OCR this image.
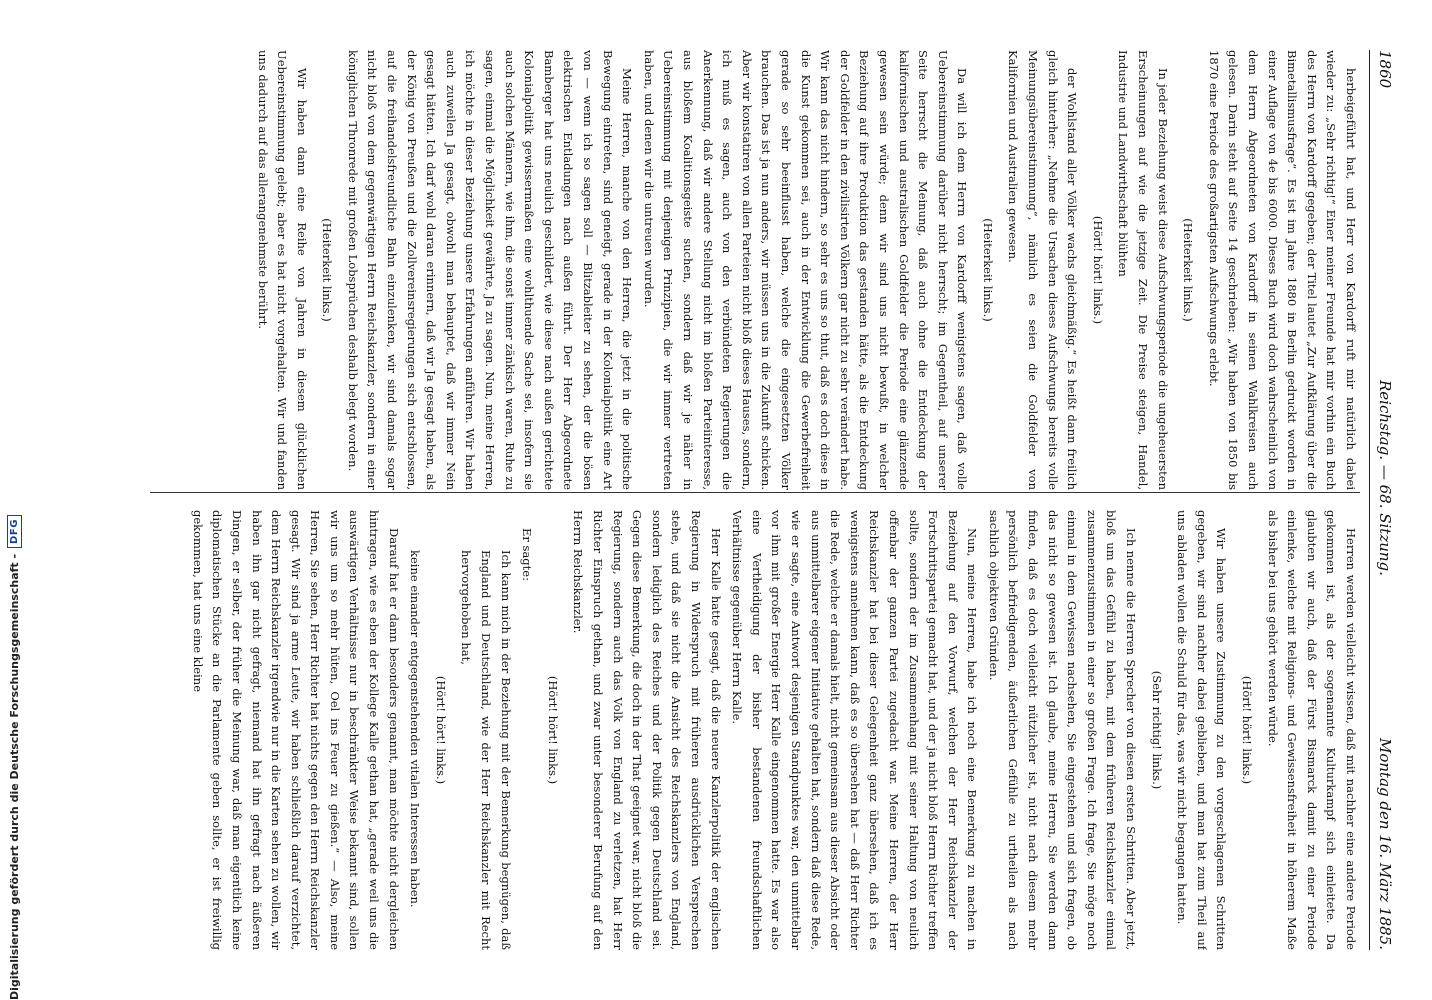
1860
Reichstag. — 68. Sitzung.
Montag den 16. März 1885.

herbeigeführt hat, und Herr von Kardorff ruft mir natürlich dabei wieder zu: „Sehr richtig!“ Einer meiner Freunde hat mir vorhin ein Buch des Herrn von Kardorff gegeben; der Titel lautet „Zur Aufklärung über die Bimetallismusfrage“. Es ist im Jahre 1880 in Berlin gedruckt worden in einer Auflage von 4e bis 6000. Dieses Buch wird doch wahrscheinlich von dem Herrn Abgeordneten von Kardorff in seinen Wahlkreisen auch gelesen. Darin steht auf Seite 14 geschrieben: „Wir haben von 1850 bis 1870 eine Periode des großartigsten Aufschwungs erlebt.

(Heiterkeit links.)

In jeder Beziehung weist diese Aufschwungsperiode die ungeheuersten Erscheinungen auf wie die jetzige Zeit. Die Preise steigen, Handel, Industrie und Landwirthschaft blühten

(Hört! hört! links.)

der Wohlstand aller Völker wachs gleichmäßig.“ Es heißt dann freilich gleich hinterher: „Nehme die Ursachen dieses Aufschwungs bereits volle Meinungsübereinstimmung“, nämlich es seien die Goldfelder von Kalifornien und Australien gewesen.

(Heiterkeit links.)

Da will ich dem Herrn von Kardorff wenigstens sagen, daß volle Uebereinstimmung darüber nicht herrscht; im Gegentheil, auf unserer Seite herrscht die Meinung, daß auch ohne die Entdeckung der kalifornischen und australischen Goldfelder die Periode eine glänzende gewesen sein würde; denn wir sind uns nicht bewußt, in welcher Beziehung auf ihre Produktion das gestanden hätte, als die Entdeckung der Goldfelder in den zivilisirten Völkern gar nicht zu sehr verändert habe. Wir kann das nicht hindern, so sehr es uns so thut, daß es doch diese in die Kunst gekommen sei, auch in der Entwicklung die Gewerbefreiheit gerade so sehr beeinflusst haben, welche die eingesetzten Völker brauchen. Das ist ja nun anders, wir müssen uns in die Zukunft schicken. Aber wir konstatiren von allen Parteien nicht bloß dieses Hauses, sondern, ich muß es sagen, auch von den verbündeten Regierungen die Anerkennung, daß wir andere Stellung nicht im bloßen Parteiinteresse, aus bloßem Koalitionsgeiste suchen, sondern daß wir je näher in Uebereinstimmung mit denjenigen Prinzipien, die wir immer vertreten haben, und denen wir die untreuen wurden.

Meine Herren, manche von den Herren, die jetzt in die politische Bewegung eintreten, sind geneigt, gerade in der Kolonialpolitik eine Art von — wenn ich so sagen soll — Blitzableiter zu sehen, der die bösen elektrischen Entladungen nach außen führt. Der Herr Abgeordnete Bamberger hat uns neulich geschildert, wie diese nach außen gerichtete Kolonialpolitik gewissermaßen eine wohlthuende Sache sei, insofern sie auch solchen Männern, wie ihm, die sonst immer zänkisch waren, Ruhe zu sagen, einmal die Möglichkeit gewährte, Ja zu sagen. Nun, meine Herren, ich möchte in dieser Beziehung unsere Erfahrungen anführen. Wir haben auch zuweilen Ja gesagt, obwohl man behauptet, daß wir immer Nein gesagt hätten. Ich darf wohl daran erinnern, daß wir Ja gesagt haben, als der König von Preußen und die Zollvereinsregierungen sich entschlossen, auf die freihandelsfreundliche Bahn einzulenken, wir sind damals sogar nicht bloß von dem gegenwärtigen Herrn Reichskanzler, sondern in einer königlichen Thronrede mit großen Lobsprüchen deshalb belegt worden.

(Heiterkeit links.)

Wir haben dann eine Reihe von Jahren in diesem glücklichen Uebereinstimmung gelebt; aber es hat nicht vorgehalten. Wir und fanden uns dadurch auf das allerangenehmste berührt.

Herren werden vielleicht wissen, daß mit nachher eine andere Periode gekommen ist, als der sogenannte Kulturkampf sich einleitete. Da glaubten wir auch, daß der Fürst Bismarck damit zu einer Periode einlenke, welche mit Religions- und Gewissensfreiheit in höherem Maße als bisher bei uns gehört werden würde.

(Hört! hört! links.)

Wir haben unsere Zustimmung zu den vorgeschlagenen Schritten gegeben, wir sind nachher dabei geblieben, und man hat zum Theil auf uns abladen wollen die Schuld für das, was wir nicht begangen hatten.

(Sehr richtig! links.)

Ich nenne die Herren Sprecher von diesen ersten Schritten. Aber jetzt, bloß um das Gefühl zu haben, mit dem früheren Reichskanzler einmal zusammenzustimmen in einer so großen Frage. Ich frage, Sie möge noch einmal in dem Gewissen nachsehen, Sie eingestehen und sich fragen, ob das nicht so gewesen ist. Ich glaube, meine Herren, Sie werden dann finden, daß es doch vielleicht nützlicher ist, nicht nach diesem mehr persönlich befriedigenden, äußerlichen Gefühle zu urtheilen als nach sachlich objektiven Gründen.

Nun, meine Herren, habe ich noch eine Bemerkung zu machen in Beziehung auf den Vorwurf, welchen der Herr Reichskanzler der Fortschrittspartei gemacht hat, und der ja nicht bloß Herrn Richter treffen sollte, sondern der im Zusammenhang mit seiner Haltung von neulich offenbar der ganzen Partei zugedacht war. Meine Herren, der Herr Reichskanzler hat bei dieser Gelegenheit ganz übersehen, daß ich es wenigstens annehmen kann, daß es so übersehen hat — daß Herr Richter die Rede, welche er damals hielt, nicht gemeinsam aus dieser Absicht oder aus unmittelbarer eigener Initiative gehalten hat, sondern daß diese Rede, wie er sagte, eine Antwort desjenigen Standpunktes war, den unmittelbar vor ihm mit großer Energie Herr Kalle eingenommen hatte. Es war also eine Vertheidigung der bisher bestandenen freundschaftlichen Verhältnisse gegenüber Herrn Kalle.

Herr Kalle hatte gesagt, daß die neuere Kanzlerpolitik der englischen Regierung in Widerspruch mit früheren ausdrücklichen Versprechen stehe, und daß sie nicht die Ansicht des Reichskanzlers von England, sondern lediglich des Reiches und der Politik gegen Deutschland sei. Gegen diese Bemerkung, die doch in der That geeignet war, nicht bloß die Regierung, sondern auch das Volk von England zu verletzen, hat Herr Richter Einspruch gethan, und zwar unter besonderer Berufung auf den Herrn Reichskanzler.

(Hört! hört! links.)

Er sagte:

Ich kann mich in der Beziehung mit der Bemerkung begnügen, daß England und Deutschland, wie der Herr Reichskanzler mit Recht hervorgehoben hat,

(Hört! hört! links.)

keine einander entgegenstehenden vitalen Interessen haben.

Darauf hat er dann besonders genannt, man möchte nicht dergleichen hintragen, wie es eben der Kollege Kalle gethan hat, „gerade weil uns die auswärtigen Verhältnisse nur in beschränkter Weise bekannt sind, sollen wir uns um so mehr hüten, Oel ins Feuer zu gießen.“ — Also, meine Herren, Sie sehen, Herr Richter hat nichts gegen den Herrn Reichskanzler gesagt. Wir sind ja arme Leute, wir haben schließlich darauf verzichtet, dem Herrn Reichskanzler irgendwie nur in die Karten sehen zu wollen, wir haben ihn gar nicht gefragt, niemand hat ihn gefragt nach äußeren Dingen, er selber, der früher die Meinung war, daß man eigentlich keine diplomatischen Stücke an die Parlamente geben sollte, er ist freiwillig gekommen, hat uns eine kleine

Digitalisierung gefördert durch die Deutsche Forschungsgemeinschaft -
DFG
